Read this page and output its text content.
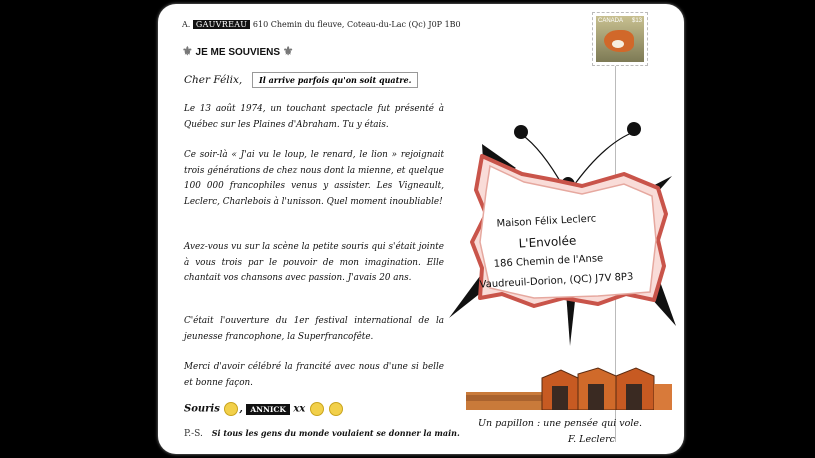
A. GAUVREAU 610 Chemin du fleuve, Coteau-du-Lac (Qc) J0P 1B0
⚜ JE ME SOUVIENS ⚜
Cher Félix,	Il arrive parfois qu'on soit quatre.

Le 13 août 1974, un touchant spectacle fut présenté à Québec sur les Plaines d'Abraham. Tu y étais.

Ce soir-là « J'ai vu le loup, le renard, le lion » rejoignait trois générations de chez nous dont la mienne, et quelque 100 000 francophiles venus y assister. Les Vigneault, Leclerc, Charlebois à l'unisson. Quel moment inoubliable!

Avez-vous vu sur la scène la petite souris qui s'était jointe à vous trois par le pouvoir de mon imagination. Elle chantait vos chansons avec passion. J'avais 20 ans.

C'était l'ouverture du 1er festival international de la jeunesse francophone, la Superfrancofête.

Merci d'avoir célébré la francité avec nous d'une si belle et bonne façon.

Souris , ANNICK xx
P.-S. Si tous les gens du monde voulaient se donner la main.
CANADA $13
Maison Félix Leclerc
L'Envolée
186 Chemin de l'Anse
Vaudreuil-Dorion, (QC) J7V 8P3
Un papillon : une pensée qui vole.
F. Leclerc
